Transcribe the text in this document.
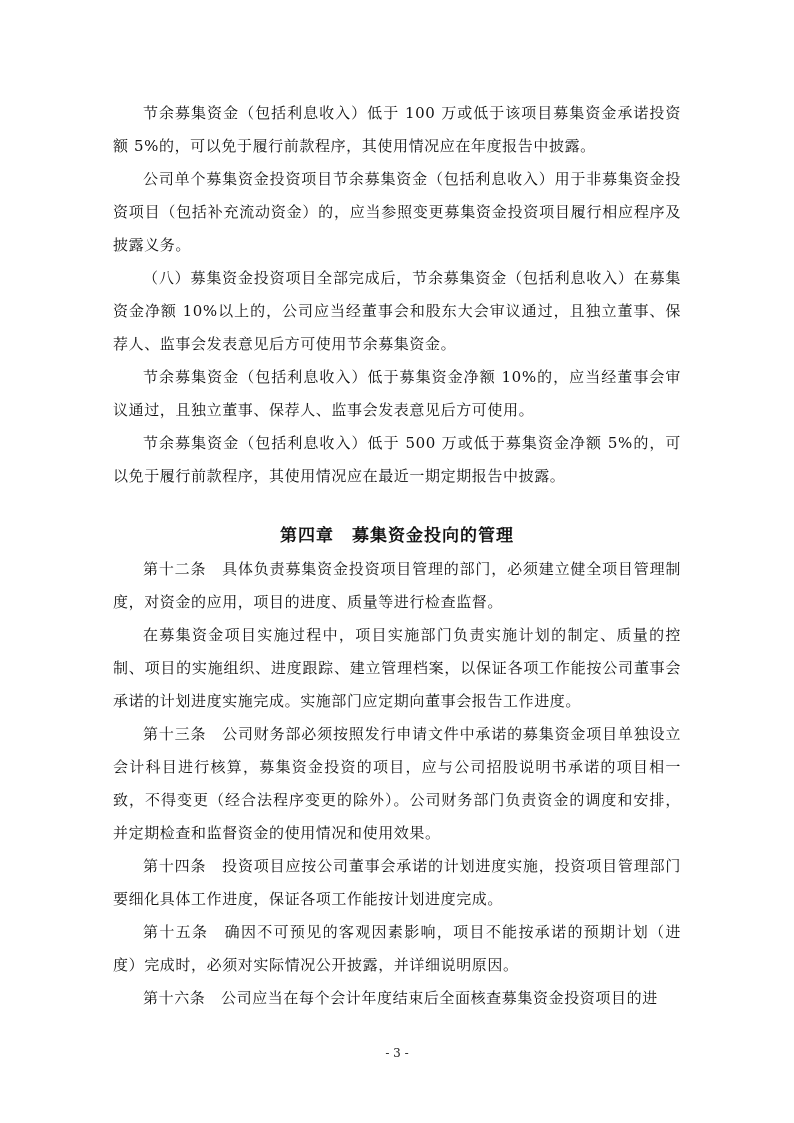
节余募集资金（包括利息收入）低于 100 万或低于该项目募集资金承诺投资额 5%的，可以免于履行前款程序，其使用情况应在年度报告中披露。

公司单个募集资金投资项目节余募集资金（包括利息收入）用于非募集资金投资项目（包括补充流动资金）的，应当参照变更募集资金投资项目履行相应程序及披露义务。

（八）募集资金投资项目全部完成后，节余募集资金（包括利息收入）在募集资金净额 10%以上的，公司应当经董事会和股东大会审议通过，且独立董事、保荐人、监事会发表意见后方可使用节余募集资金。

节余募集资金（包括利息收入）低于募集资金净额 10%的，应当经董事会审议通过，且独立董事、保荐人、监事会发表意见后方可使用。

节余募集资金（包括利息收入）低于 500 万或低于募集资金净额 5%的，可以免于履行前款程序，其使用情况应在最近一期定期报告中披露。

第四章　募集资金投向的管理

第十二条　具体负责募集资金投资项目管理的部门，必须建立健全项目管理制度，对资金的应用，项目的进度、质量等进行检查监督。

在募集资金项目实施过程中，项目实施部门负责实施计划的制定、质量的控制、项目的实施组织、进度跟踪、建立管理档案，以保证各项工作能按公司董事会承诺的计划进度实施完成。实施部门应定期向董事会报告工作进度。

第十三条　公司财务部必须按照发行申请文件中承诺的募集资金项目单独设立会计科目进行核算，募集资金投资的项目，应与公司招股说明书承诺的项目相一致，不得变更（经合法程序变更的除外）。公司财务部门负责资金的调度和安排，并定期检查和监督资金的使用情况和使用效果。

第十四条　投资项目应按公司董事会承诺的计划进度实施，投资项目管理部门要细化具体工作进度，保证各项工作能按计划进度完成。

第十五条　确因不可预见的客观因素影响，项目不能按承诺的预期计划（进度）完成时，必须对实际情况公开披露，并详细说明原因。

第十六条　公司应当在每个会计年度结束后全面核查募集资金投资项目的进

- 3 -
